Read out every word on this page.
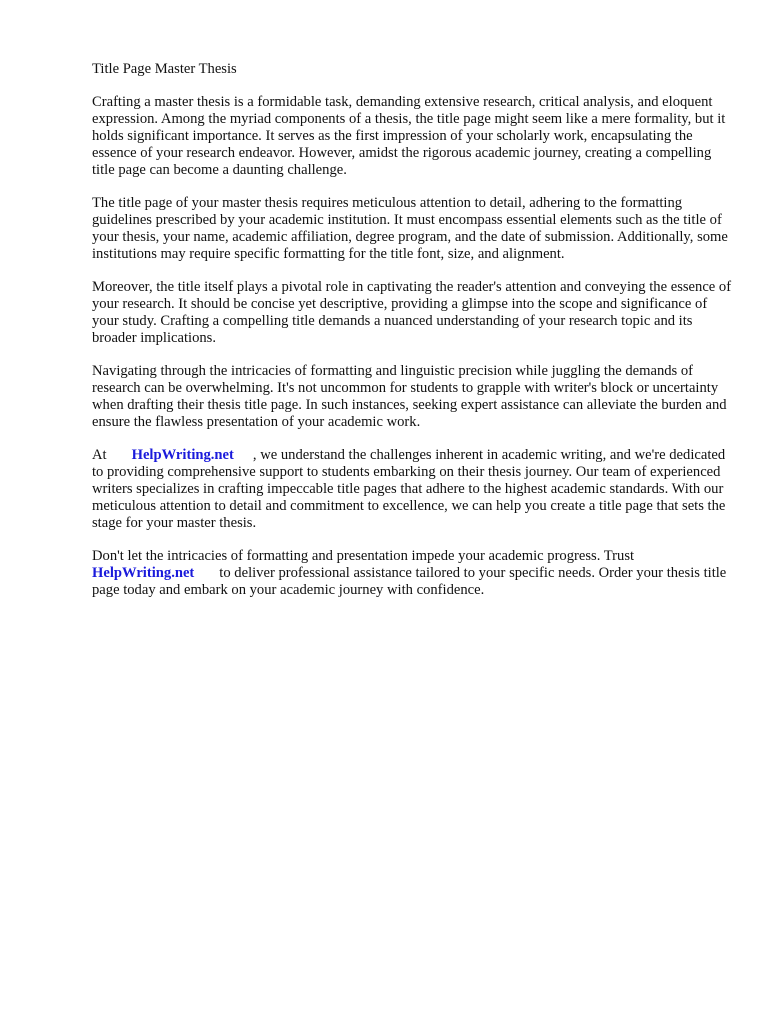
Title Page Master Thesis

Crafting a master thesis is a formidable task, demanding extensive research, critical analysis, and eloquent expression. Among the myriad components of a thesis, the title page might seem like a mere formality, but it holds significant importance. It serves as the first impression of your scholarly work, encapsulating the essence of your research endeavor. However, amidst the rigorous academic journey, creating a compelling title page can become a daunting challenge.

The title page of your master thesis requires meticulous attention to detail, adhering to the formatting guidelines prescribed by your academic institution. It must encompass essential elements such as the title of your thesis, your name, academic affiliation, degree program, and the date of submission. Additionally, some institutions may require specific formatting for the title font, size, and alignment.

Moreover, the title itself plays a pivotal role in captivating the reader's attention and conveying the essence of your research. It should be concise yet descriptive, providing a glimpse into the scope and significance of your study. Crafting a compelling title demands a nuanced understanding of your research topic and its broader implications.

Navigating through the intricacies of formatting and linguistic precision while juggling the demands of research can be overwhelming. It's not uncommon for students to grapple with writer's block or uncertainty when drafting their thesis title page. In such instances, seeking expert assistance can alleviate the burden and ensure the flawless presentation of your academic work.

At HelpWriting.net , we understand the challenges inherent in academic writing, and we're dedicated to providing comprehensive support to students embarking on their thesis journey. Our team of experienced writers specializes in crafting impeccable title pages that adhere to the highest academic standards. With our meticulous attention to detail and commitment to excellence, we can help you create a title page that sets the stage for your master thesis.

Don't let the intricacies of formatting and presentation impede your academic progress. Trust HelpWriting.net to deliver professional assistance tailored to your specific needs. Order your thesis title page today and embark on your academic journey with confidence.
